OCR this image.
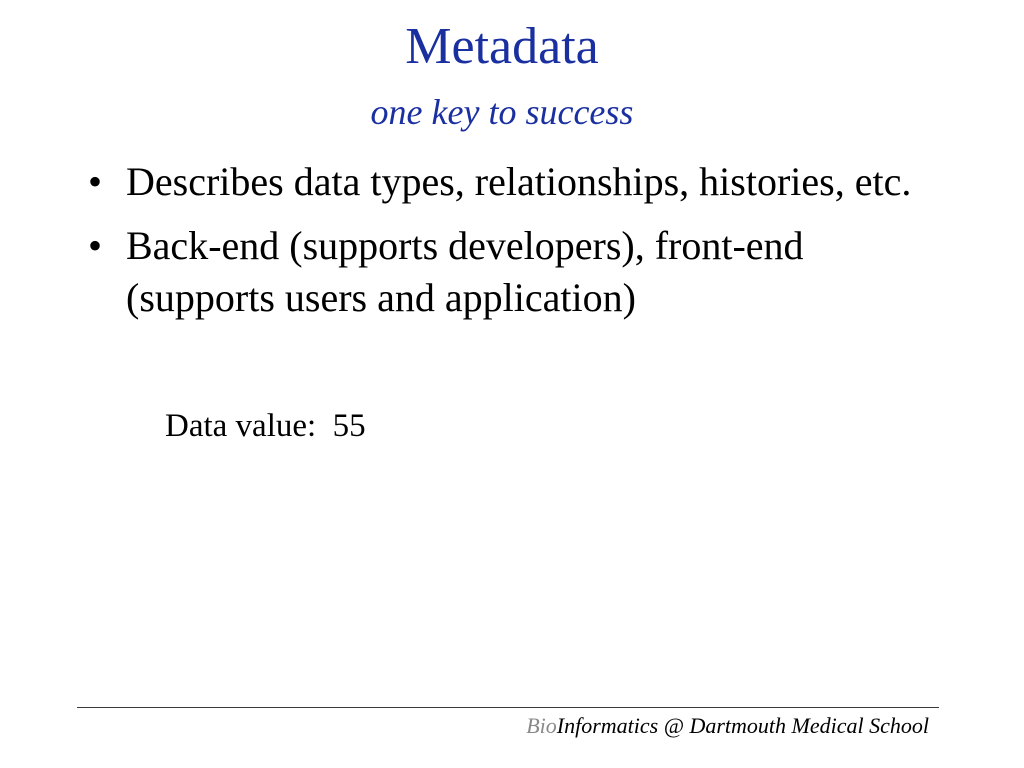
Metadata
one key to success
• Describes data types, relationships, histories, etc.
• Back-end (supports developers), front-end (supports users and application)
Data value:  55
BioInformatics @ Dartmouth Medical School
